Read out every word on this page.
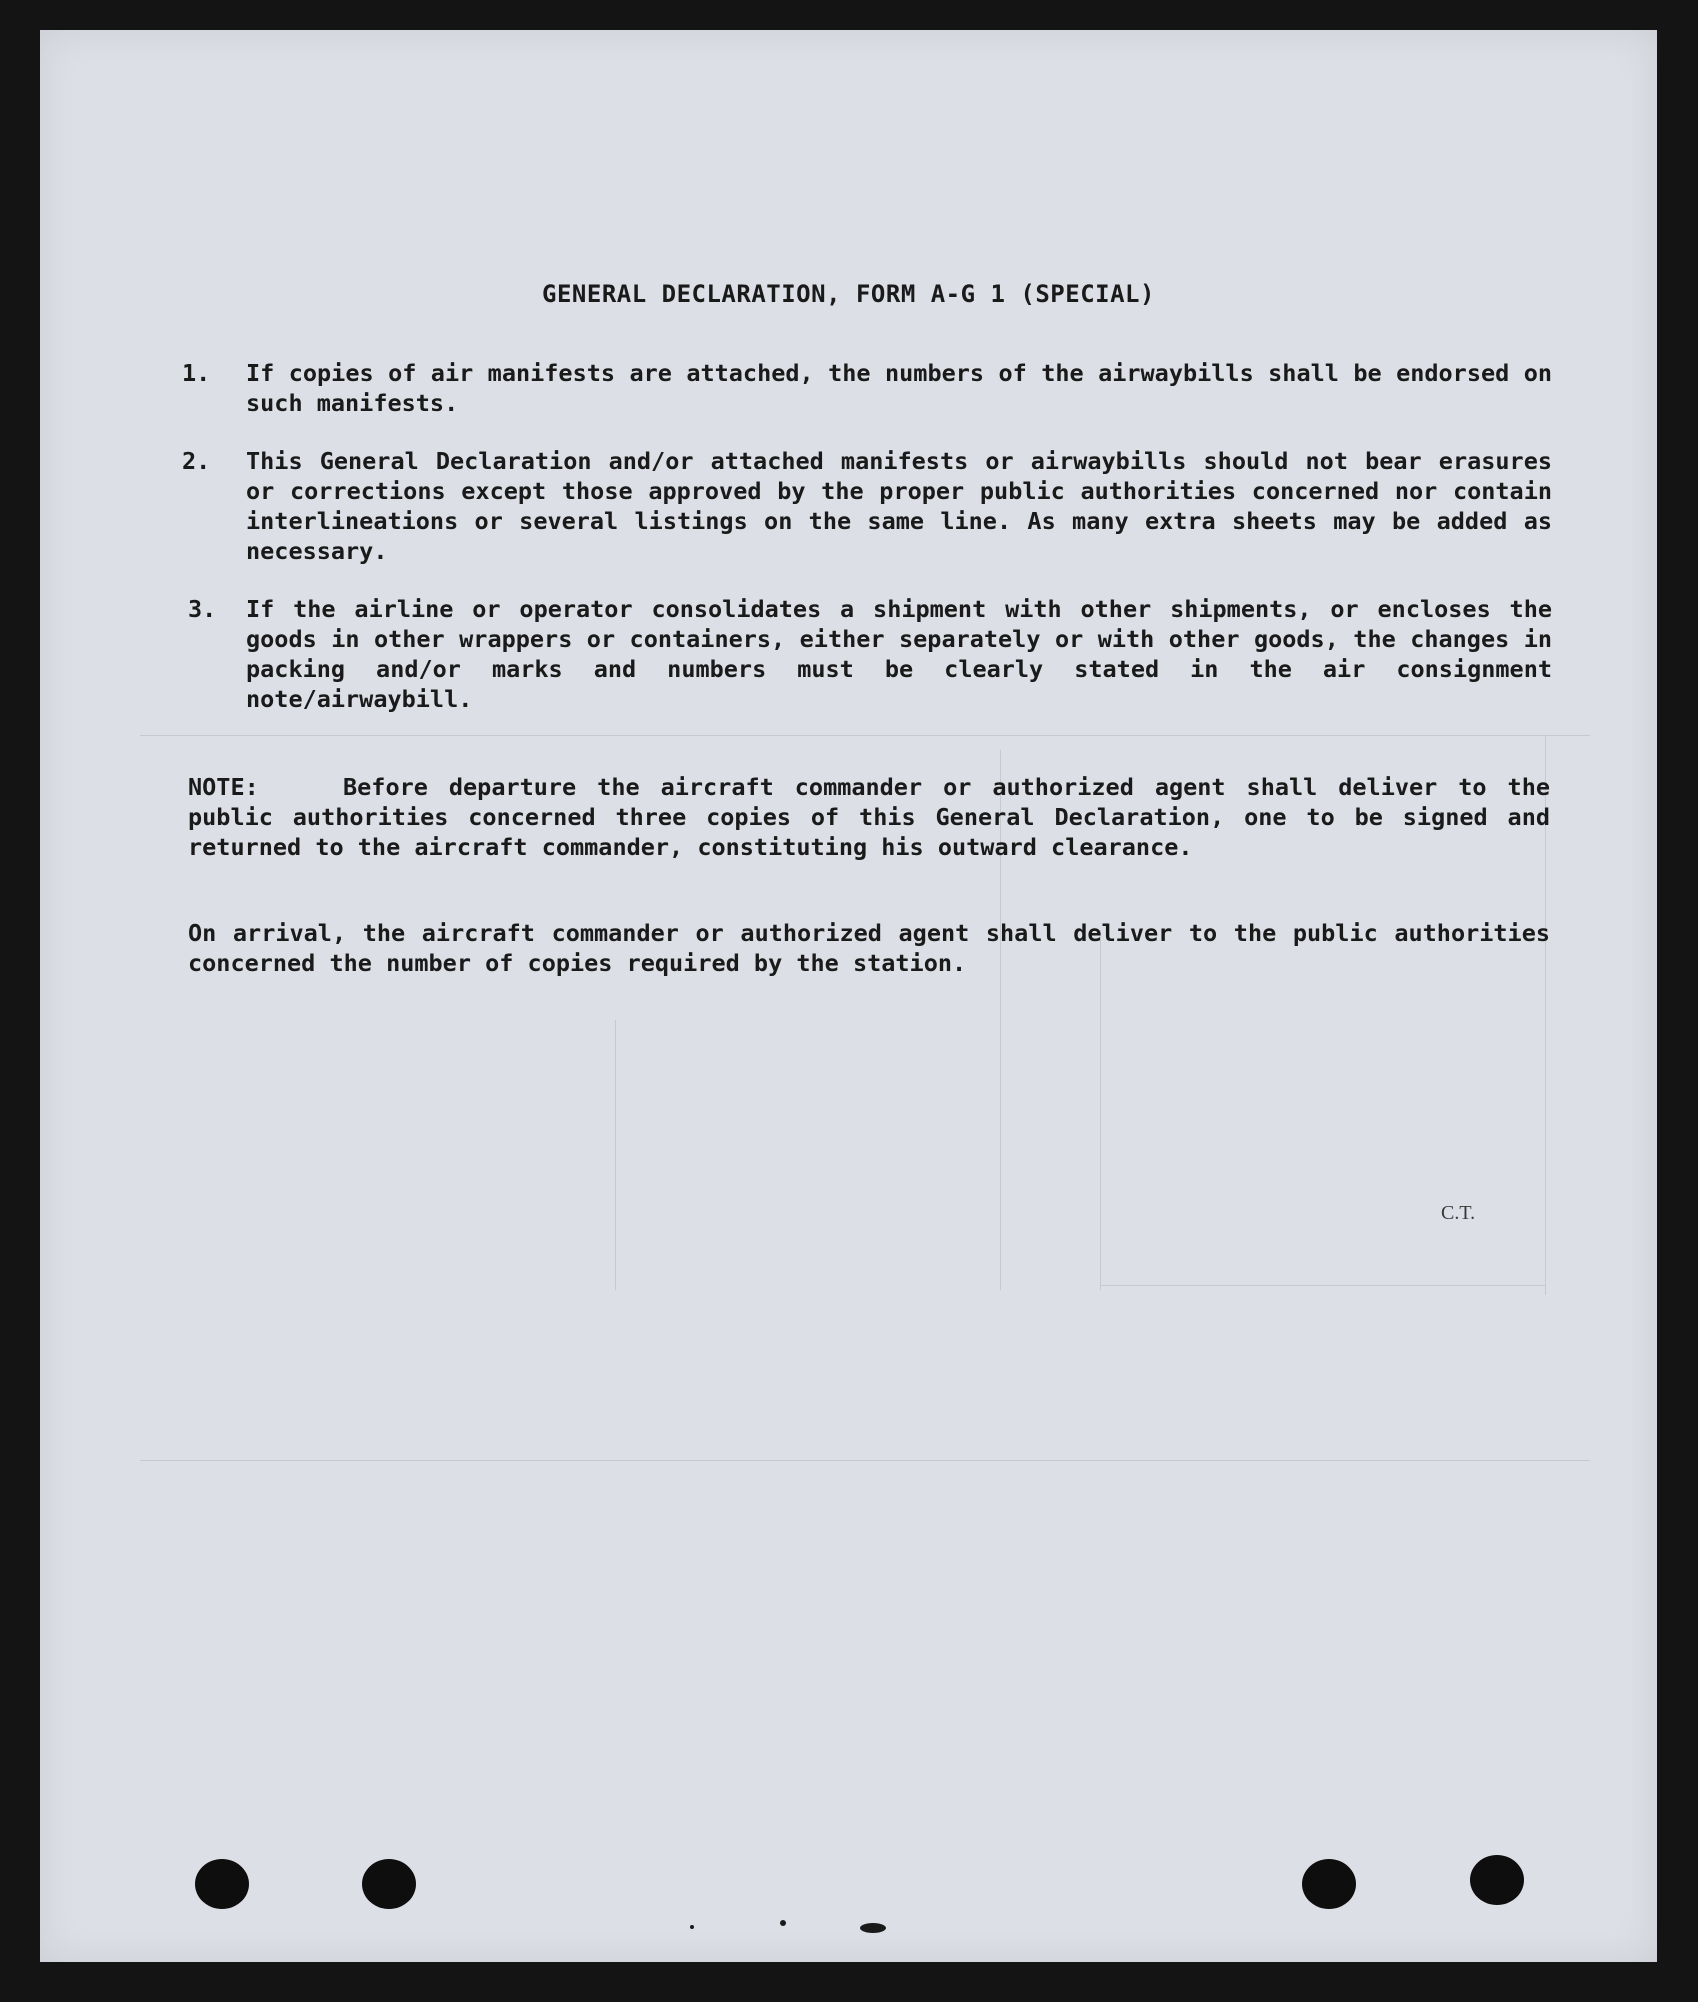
GENERAL DECLARATION, FORM A-G 1 (SPECIAL)
1. If copies of air manifests are attached, the numbers of the airwaybills shall be endorsed on such manifests.
2. This General Declaration and/or attached manifests or airwaybills should not bear erasures or corrections except those approved by the proper public authorities concerned nor contain interlineations or several listings on the same line. As many extra sheets may be added as necessary.
3. If the airline or operator consolidates a shipment with other shipments, or encloses the goods in other wrappers or containers, either separately or with other goods, the changes in packing and/or marks and numbers must be clearly stated in the air consignment note/airwaybill.
NOTE:	Before departure the aircraft commander or authorized agent shall deliver to the public authorities concerned three copies of this General Declaration, one to be signed and returned to the aircraft commander, constituting his outward clearance.
On arrival, the aircraft commander or authorized agent shall deliver to the public authorities concerned the number of copies required by the station.
C.T.
